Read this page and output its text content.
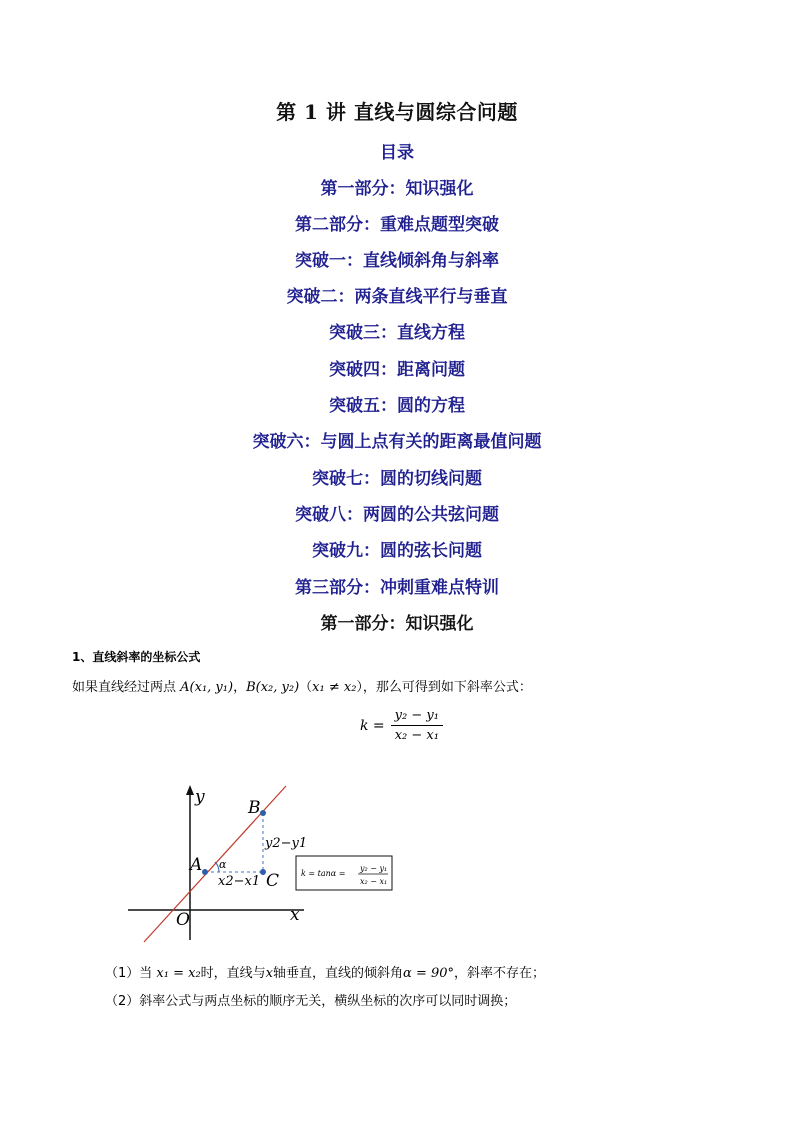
第 1 讲 直线与圆综合问题
目录
第一部分：知识强化
第二部分：重难点题型突破
突破一：直线倾斜角与斜率
突破二：两条直线平行与垂直
突破三：直线方程
突破四：距离问题
突破五：圆的方程
突破六：与圆上点有关的距离最值问题
突破七：圆的切线问题
突破八：两圆的公共弦问题
突破九：圆的弦长问题
第三部分：冲刺重难点特训
第一部分：知识强化
1、直线斜率的坐标公式
如果直线经过两点 A(x₁, y₁)，B(x₂, y₂)（x₁ ≠ x₂），那么可得到如下斜率公式：
$k = \frac{\text{y₂ − y₁}}{\text{x₂ − x₁}}$
y
x
O
A
B
C
α
y2−y1
x2−x1
k = tanα =
y₂ − y₁
x₂ − x₁
（1）当 x₁ = x₂时，直线与x轴垂直，直线的倾斜角α = 90°，斜率不存在；
（2）斜率公式与两点坐标的顺序无关，横纵坐标的次序可以同时调换；
